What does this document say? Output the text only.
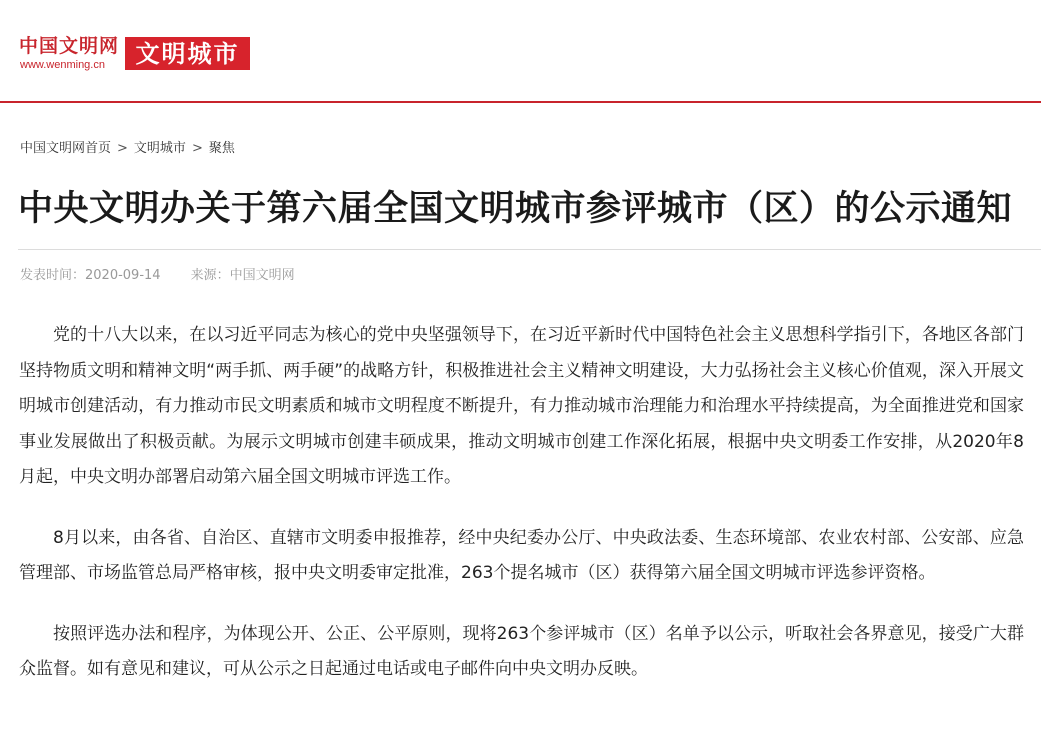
中国文明网
www.wenming.cn	文明城市
中国文明网首页 > 文明城市 > 聚焦
中央文明办关于第六届全国文明城市参评城市（区）的公示通知
发表时间：2020-09-14 来源：中国文明网

党的十八大以来，在以习近平同志为核心的党中央坚强领导下，在习近平新时代中国特色社会主义思想科学指引下，各地区各部门坚持物质文明和精神文明“两手抓、两手硬”的战略方针，积极推进社会主义精神文明建设，大力弘扬社会主义核心价值观，深入开展文明城市创建活动，有力推动市民文明素质和城市文明程度不断提升，有力推动城市治理能力和治理水平持续提高，为全面推进党和国家事业发展做出了积极贡献。为展示文明城市创建丰硕成果，推动文明城市创建工作深化拓展，根据中央文明委工作安排，从2020年8月起，中央文明办部署启动第六届全国文明城市评选工作。

8月以来，由各省、自治区、直辖市文明委申报推荐，经中央纪委办公厅、中央政法委、生态环境部、农业农村部、公安部、应急管理部、市场监管总局严格审核，报中央文明委审定批准，263个提名城市（区）获得第六届全国文明城市评选参评资格。

按照评选办法和程序，为体现公开、公正、公平原则，现将263个参评城市（区）名单予以公示，听取社会各界意见，接受广大群众监督。如有意见和建议，可从公示之日起通过电话或电子邮件向中央文明办反映。
